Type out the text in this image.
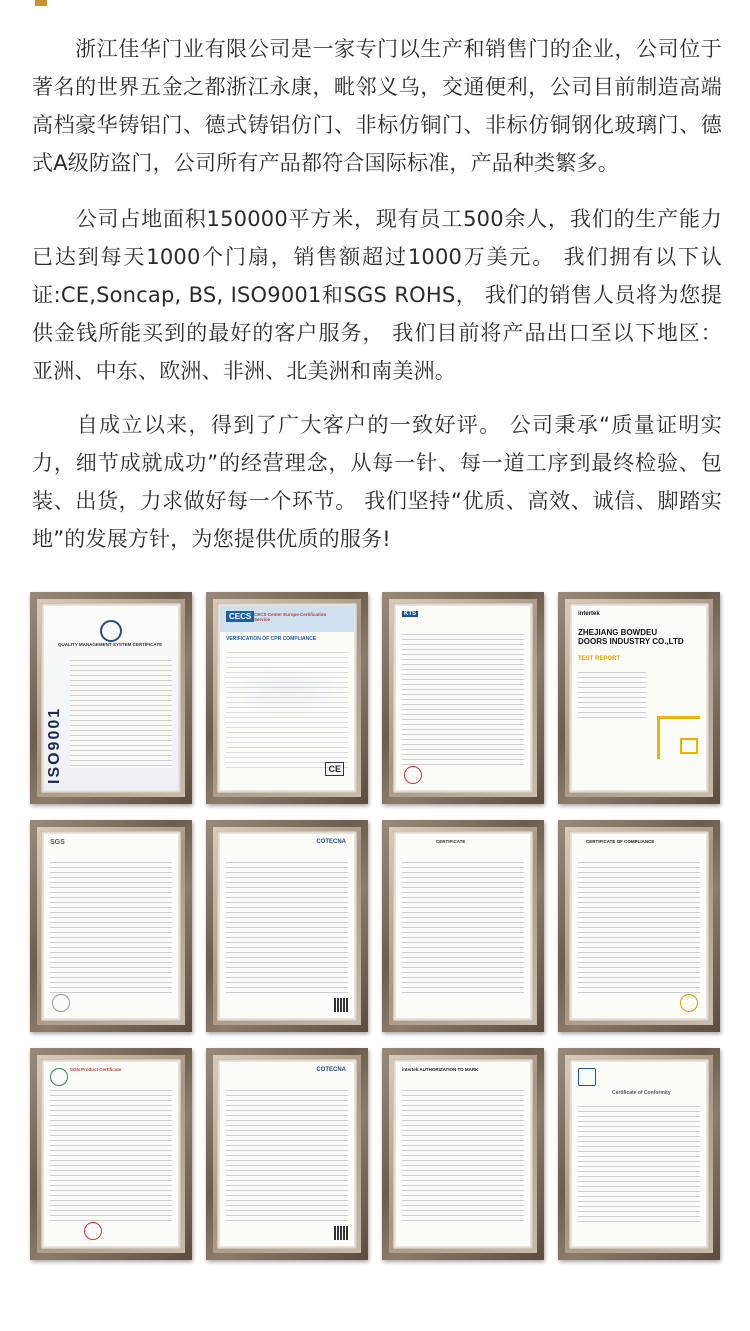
　　浙江佳华门业有限公司是一家专门以生产和销售门的企业，公司位于著名的世界五金之都浙江永康，毗邻义乌，交通便利，公司目前制造高端高档豪华铸铝门、德式铸铝仿门、非标仿铜门、非标仿铜钢化玻璃门、德式A级防盗门，公司所有产品都符合国际标准，产品种类繁多。

　　公司占地面积150000平方米，现有员工500余人，我们的生产能力已达到每天1000个门扇，销售额超过1000万美元。 我们拥有以下认证:CE,Soncap, BS, ISO9001和SGS ROHS， 我们的销售人员将为您提供金钱所能买到的最好的客户服务， 我们目前将产品出口至以下地区： 亚洲、中东、欧洲、非洲、北美洲和南美洲。

　　自成立以来，得到了广大客户的一致好评。 公司秉承“质量证明实力，细节成就成功”的经营理念，从每一针、每一道工序到最终检验、包装、出货，力求做好每一个环节。 我们坚持“优质、高效、诚信、脚踏实地”的发展方针，为您提供优质的服务!

QUALITY MANAGEMENT SYSTEM CERTIFICATE
ISO9001
CECS CECS Center Europe Certification Service
VERIFICATION OF CPR COMPLIANCE
CE
KTS	intertek
ZHEJIANG BOWDEU DOORS INDUSTRY CO.,LTD
TEST REPORT
SGS	COTECNA	CERTIFICATE	CERTIFICATE OF COMPLIANCE
SON Product Certificate	COTECNA	intertek AUTHORIZATION TO MARK
Certificate of Conformity
